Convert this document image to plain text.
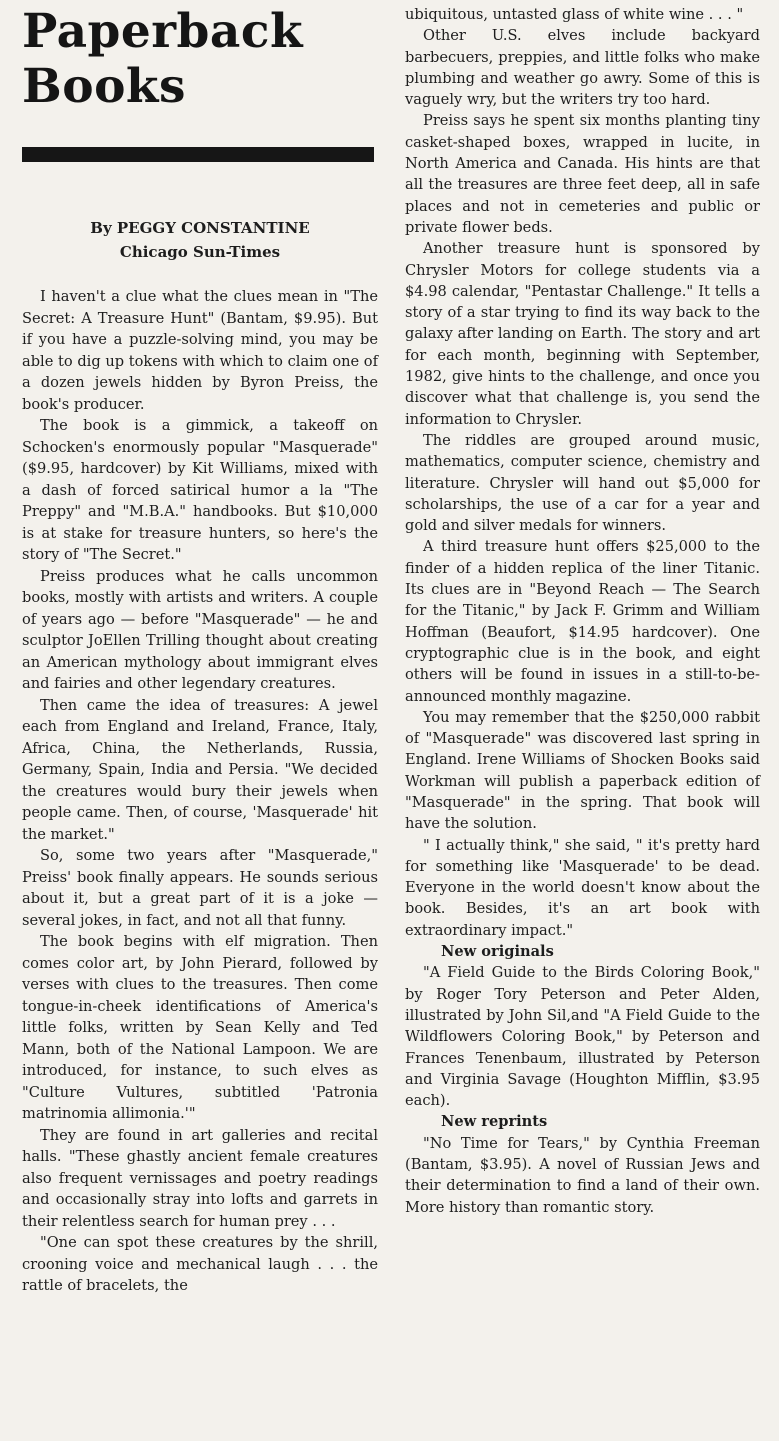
Paperback
Books
By PEGGY CONSTANTINE
Chicago Sun-Times

I haven't a clue what the clues mean in "The Secret: A Treasure Hunt" (Bantam, $9.95). But if you have a puzzle-solving mind, you may be able to dig up tokens with which to claim one of a dozen jewels hidden by Byron Preiss, the book's producer.

The book is a gimmick, a takeoff on Schocken's enormously popular "Masquerade" ($9.95, hardcover) by Kit Williams, mixed with a dash of forced satirical humor a la "The Preppy" and "M.B.A." handbooks. But $10,000 is at stake for treasure hunters, so here's the story of "The Secret."

Preiss produces what he calls uncommon books, mostly with artists and writers. A couple of years ago — before "Masquerade" — he and sculptor JoEllen Trilling thought about creating an American mythology about immigrant elves and fairies and other legendary creatures.

Then came the idea of treasures: A jewel each from England and Ireland, France, Italy, Africa, China, the Netherlands, Russia, Germany, Spain, India and Persia. "We decided the creatures would bury their jewels when people came. Then, of course, 'Masquerade' hit the market."

So, some two years after "Masquerade," Preiss' book finally appears. He sounds serious about it, but a great part of it is a joke — several jokes, in fact, and not all that funny.

The book begins with elf migration. Then comes color art, by John Pierard, followed by verses with clues to the treasures. Then come tongue-in-cheek identifications of America's little folks, written by Sean Kelly and Ted Mann, both of the National Lampoon. We are introduced, for instance, to such elves as "Culture Vultures, subtitled 'Patronia matrinomia allimonia.'"

They are found in art galleries and recital halls. "These ghastly ancient female creatures also frequent vernissages and poetry readings and occasionally stray into lofts and garrets in their relentless search for human prey . . .

"One can spot these creatures by the shrill, crooning voice and mechanical laugh . . . the rattle of bracelets, the

ubiquitous, untasted glass of white wine . . . "

Other U.S. elves include backyard barbecuers, preppies, and little folks who make plumbing and weather go awry. Some of this is vaguely wry, but the writers try too hard.

Preiss says he spent six months planting tiny casket-shaped boxes, wrapped in lucite, in North America and Canada. His hints are that all the treasures are three feet deep, all in safe places and not in cemeteries and public or private flower beds.

Another treasure hunt is sponsored by Chrysler Motors for college students via a $4.98 calendar, "Pentastar Challenge." It tells a story of a star trying to find its way back to the galaxy after landing on Earth. The story and art for each month, beginning with September, 1982, give hints to the challenge, and once you discover what that challenge is, you send the information to Chrysler.

The riddles are grouped around music, mathematics, computer science, chemistry and literature. Chrysler will hand out $5,000 for scholarships, the use of a car for a year and gold and silver medals for winners.

A third treasure hunt offers $25,000 to the finder of a hidden replica of the liner Titanic. Its clues are in "Beyond Reach — The Search for the Titanic," by Jack F. Grimm and William Hoffman (Beaufort, $14.95 hardcover). One cryptographic clue is in the book, and eight others will be found in issues in a still-to-be-announced monthly magazine.

You may remember that the $250,000 rabbit of "Masquerade" was discovered last spring in England. Irene Williams of Shocken Books said Workman will publish a paperback edition of "Masquerade" in the spring. That book will have the solution.

" I actually think," she said, " it's pretty hard for something like 'Masquerade' to be dead. Everyone in the world doesn't know about the book. Besides, it's an art book with extraordinary impact."

New originals

"A Field Guide to the Birds Coloring Book," by Roger Tory Peterson and Peter Alden, illustrated by John Sil,and "A Field Guide to the Wildflowers Coloring Book," by Peterson and Frances Tenenbaum, illustrated by Peterson and Virginia Savage (Houghton Mifflin, $3.95 each).

New reprints

"No Time for Tears," by Cynthia Freeman (Bantam, $3.95). A novel of Russian Jews and their determination to find a land of their own. More history than romantic story.
